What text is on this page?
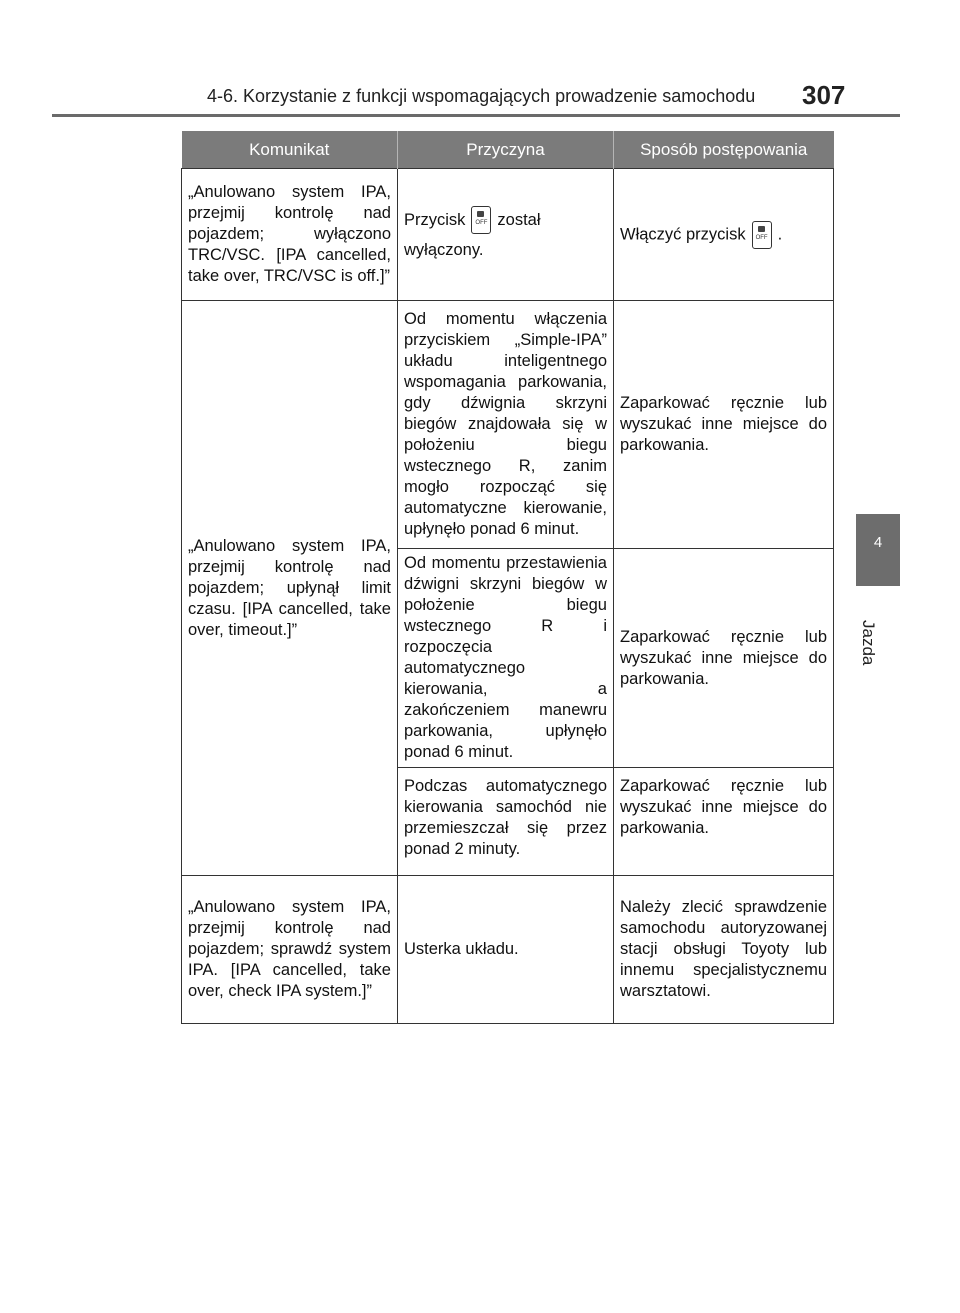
4-6. Korzystanie z funkcji wspomagających prowadzenie samochodu 307
4
Jazda
Komunikat	Przyczyna	Sposób postępowania
„Anulowano system IPA, przejmij kontrolę nad pojazdem; wyłączono TRC/VSC. [IPA cancelled, take over, TRC/VSC is off.]”	Przycisk OFF został wyłączony.	Włączyć przycisk OFF .
„Anulowano system IPA, przejmij kontrolę nad pojazdem; upłynął limit czasu. [IPA cancelled, take over, timeout.]”	Od momentu włączenia przyciskiem „Simple-IPA” układu inteligentnego wspomagania parkowania, gdy dźwignia skrzyni biegów znajdowała się w położeniu biegu wstecznego R, zanim mogło rozpocząć się automatyczne kierowanie, upłynęło ponad 6 minut.	Zaparkować ręcznie lub wyszukać inne miejsce do parkowania.
	Od momentu przestawienia dźwigni skrzyni biegów w położenie biegu wstecznego R i rozpoczęcia automatycznego kierowania, a zakończeniem manewru parkowania, upłynęło ponad 6 minut.	Zaparkować ręcznie lub wyszukać inne miejsce do parkowania.
	Podczas automatycznego kierowania samochód nie przemieszczał się przez ponad 2 minuty.	Zaparkować ręcznie lub wyszukać inne miejsce do parkowania.
„Anulowano system IPA, przejmij kontrolę nad pojazdem; sprawdź system IPA. [IPA cancelled, take over, check IPA system.]”	Usterka układu.	Należy zlecić sprawdzenie samochodu autoryzowanej stacji obsługi Toyoty lub innemu specjalistycznemu warsztatowi.
